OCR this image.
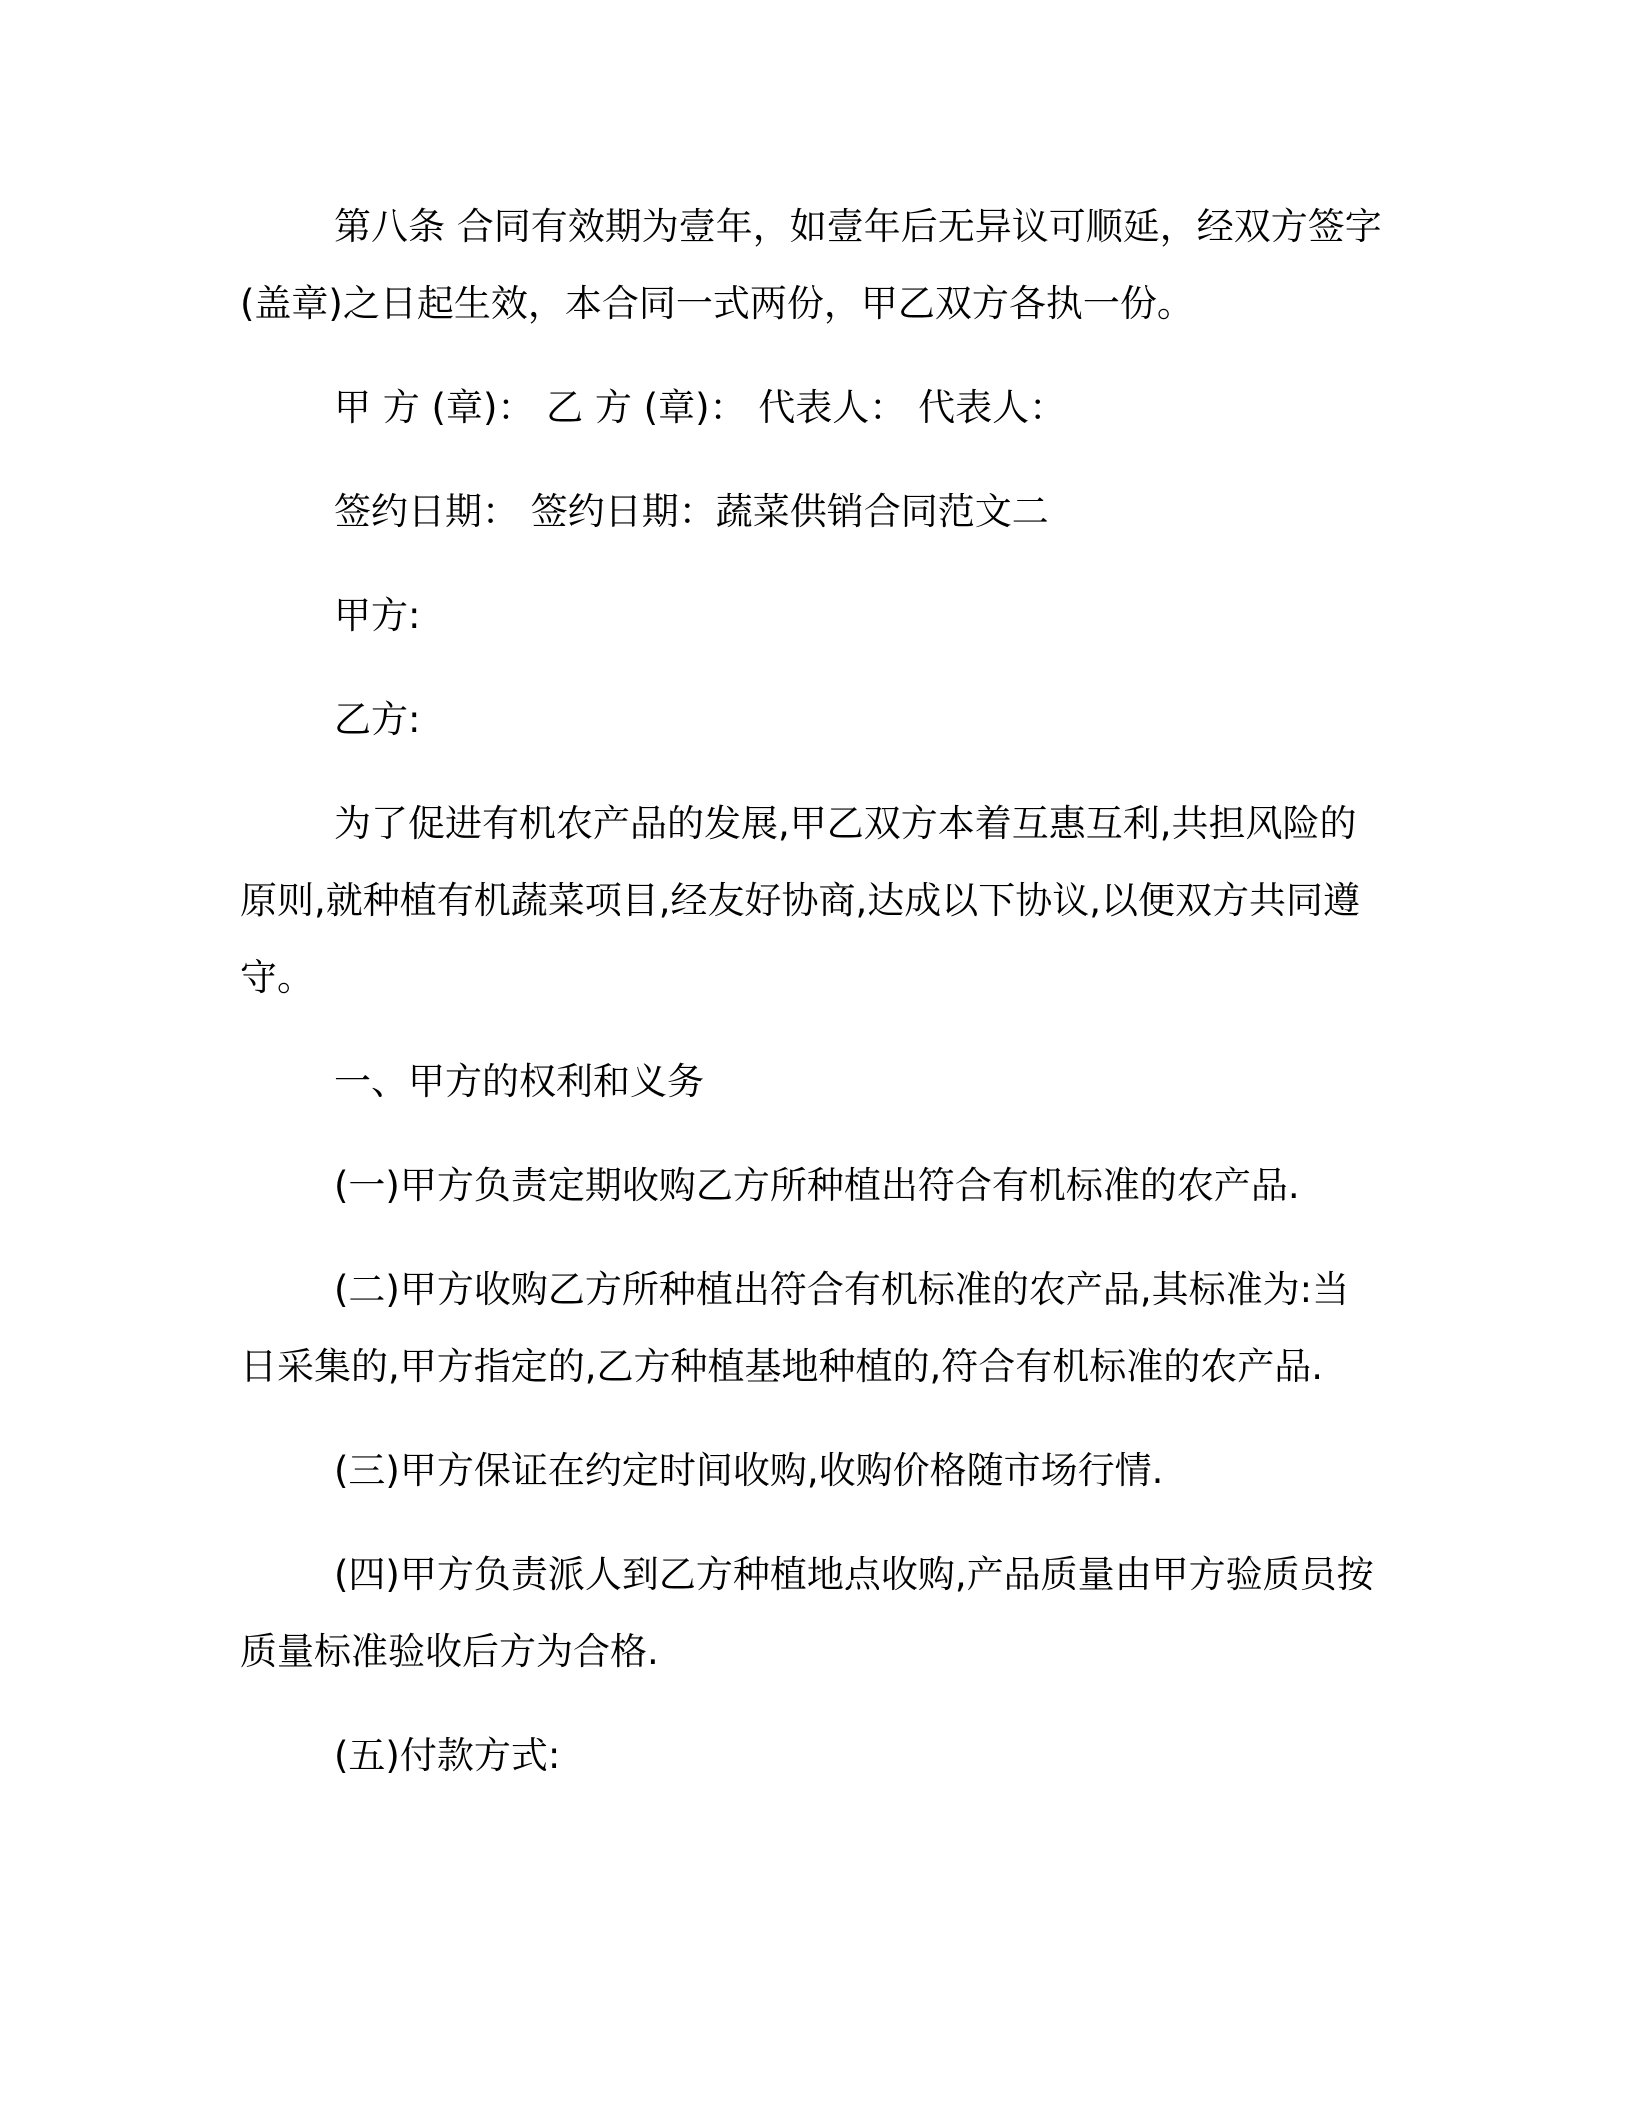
第八条 合同有效期为壹年，如壹年后无异议可顺延，经双方签字(盖章)之日起生效，本合同一式两份，甲乙双方各执一份。

甲 方 (章)： 乙 方 (章)： 代表人： 代表人：

签约日期： 签约日期：蔬菜供销合同范文二

甲方:

乙方:

为了促进有机农产品的发展,甲乙双方本着互惠互利,共担风险的原则,就种植有机蔬菜项目,经友好协商,达成以下协议,以便双方共同遵守。

一、甲方的权利和义务

(一)甲方负责定期收购乙方所种植出符合有机标准的农产品.

(二)甲方收购乙方所种植出符合有机标准的农产品,其标准为:当日采集的,甲方指定的,乙方种植基地种植的,符合有机标准的农产品.

(三)甲方保证在约定时间收购,收购价格随市场行情.

(四)甲方负责派人到乙方种植地点收购,产品质量由甲方验质员按质量标准验收后方为合格.

(五)付款方式:
